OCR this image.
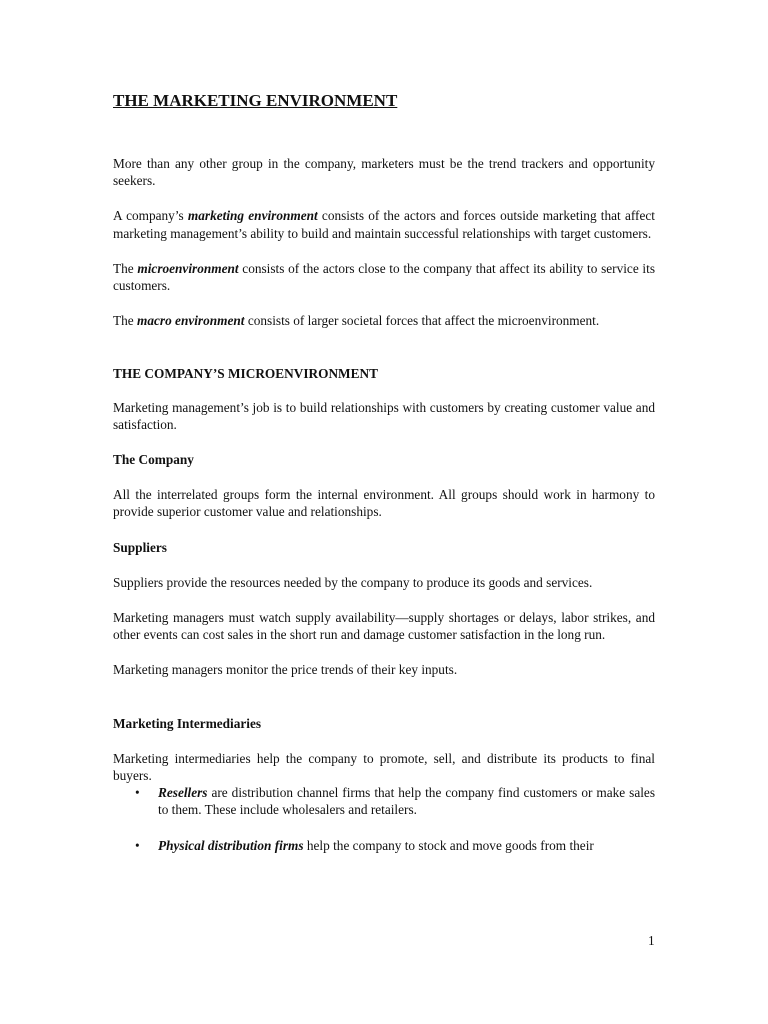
THE MARKETING ENVIRONMENT

More than any other group in the company, marketers must be the trend trackers and opportunity seekers.

A company’s marketing environment consists of the actors and forces outside marketing that affect marketing management’s ability to build and maintain successful relationships with target customers.

The microenvironment consists of the actors close to the company that affect its ability to service its customers.

The macro environment consists of larger societal forces that affect the microenvironment.

THE COMPANY’S MICROENVIRONMENT

Marketing management’s job is to build relationships with customers by creating customer value and satisfaction.

The Company

All the interrelated groups form the internal environment. All groups should work in harmony to provide superior customer value and relationships.

Suppliers

Suppliers provide the resources needed by the company to produce its goods and services.

Marketing managers must watch supply availability—supply shortages or delays, labor strikes, and other events can cost sales in the short run and damage customer satisfaction in the long run.

Marketing managers monitor the price trends of their key inputs.

Marketing Intermediaries

Marketing intermediaries help the company to promote, sell, and distribute its products to final buyers.

• Resellers are distribution channel firms that help the company find customers or make sales to them. These include wholesalers and retailers.

• Physical distribution firms help the company to stock and move goods from their

1
